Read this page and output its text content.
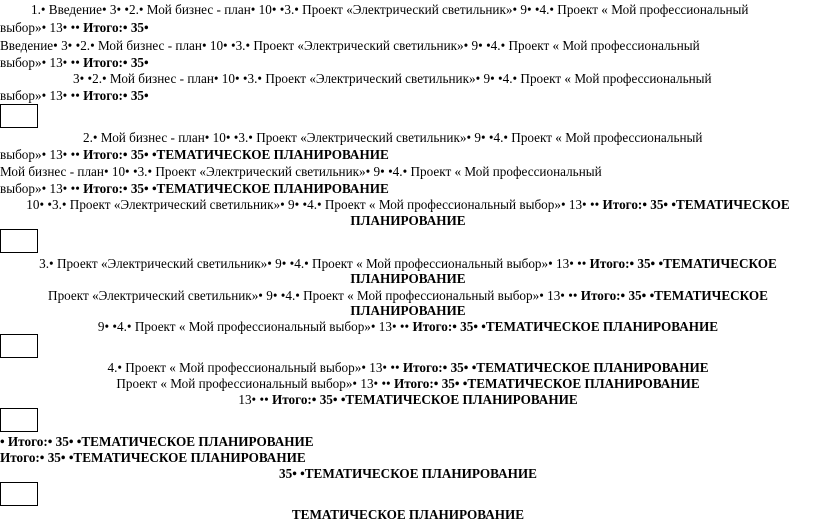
1.• Введение• 3• •2.• Мой бизнес - план• 10• •3.• Проект «Электрический светильник»• 9• •4.• Проект « Мой профессиональный
выбор»• 13• •• Итого:• 35•
Введение• 3• •2.• Мой бизнес - план• 10• •3.• Проект «Электрический светильник»• 9• •4.• Проект « Мой профессиональный
выбор»• 13• •• Итого:• 35•
3• •2.• Мой бизнес - план• 10• •3.• Проект «Электрический светильник»• 9• •4.• Проект « Мой профессиональный
выбор»• 13• •• Итого:• 35•
2.• Мой бизнес - план• 10• •3.• Проект «Электрический светильник»• 9• •4.• Проект « Мой профессиональный
выбор»• 13• •• Итого:• 35• •ТЕМАТИЧЕСКОЕ ПЛАНИРОВАНИЕ
Мой бизнес - план• 10• •3.• Проект «Электрический светильник»• 9• •4.• Проект « Мой профессиональный
выбор»• 13• •• Итого:• 35• •ТЕМАТИЧЕСКОЕ ПЛАНИРОВАНИЕ
10• •3.• Проект «Электрический светильник»• 9• •4.• Проект « Мой профессиональный выбор»• 13• •• Итого:• 35• •ТЕМАТИЧЕСКОЕ
ПЛАНИРОВАНИЕ
3.• Проект «Электрический светильник»• 9• •4.• Проект « Мой профессиональный выбор»• 13• •• Итого:• 35• •ТЕМАТИЧЕСКОЕ
ПЛАНИРОВАНИЕ
Проект «Электрический светильник»• 9• •4.• Проект « Мой профессиональный выбор»• 13• •• Итого:• 35• •ТЕМАТИЧЕСКОЕ
ПЛАНИРОВАНИЕ
9• •4.• Проект « Мой профессиональный выбор»• 13• •• Итого:• 35• •ТЕМАТИЧЕСКОЕ ПЛАНИРОВАНИЕ
4.• Проект « Мой профессиональный выбор»• 13• •• Итого:• 35• •ТЕМАТИЧЕСКОЕ ПЛАНИРОВАНИЕ
Проект « Мой профессиональный выбор»• 13• •• Итого:• 35• •ТЕМАТИЧЕСКОЕ ПЛАНИРОВАНИЕ
13• •• Итого:• 35• •ТЕМАТИЧЕСКОЕ ПЛАНИРОВАНИЕ
• Итого:• 35• •ТЕМАТИЧЕСКОЕ ПЛАНИРОВАНИЕ
Итого:• 35• •ТЕМАТИЧЕСКОЕ ПЛАНИРОВАНИЕ
35• •ТЕМАТИЧЕСКОЕ ПЛАНИРОВАНИЕ
ТЕМАТИЧЕСКОЕ ПЛАНИРОВАНИЕ
